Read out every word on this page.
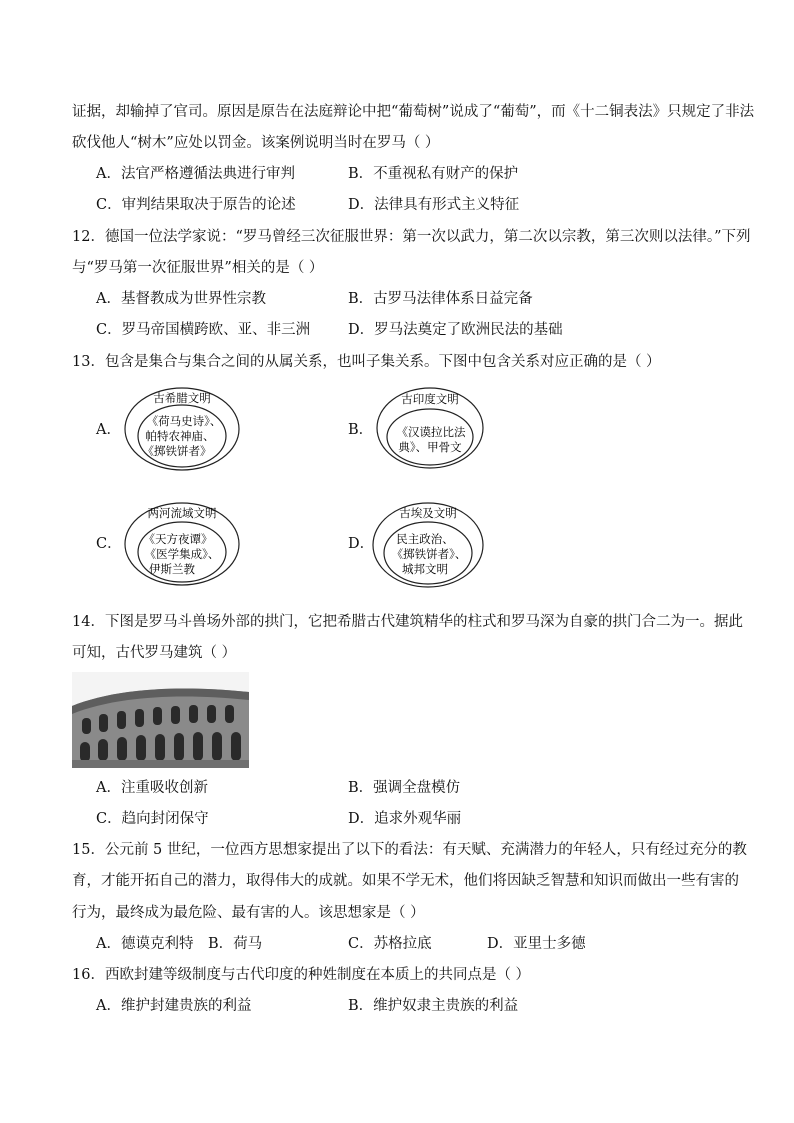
证据，却输掉了官司。原因是原告在法庭辩论中把“葡萄树”说成了“葡萄”，而《十二铜表法》只规定了非法
砍伐他人“树木”应处以罚金。该案例说明当时在罗马（ ）
A．法官严格遵循法典进行审判	B．不重视私有财产的保护
C．审判结果取决于原告的论述	D．法律具有形式主义特征
12．德国一位法学家说：“罗马曾经三次征服世界：第一次以武力，第二次以宗教，第三次则以法律。”下列
与“罗马第一次征服世界”相关的是（ ）
A．基督教成为世界性宗教	B．古罗马法律体系日益完备
C．罗马帝国横跨欧、亚、非三洲	D．罗马法奠定了欧洲民法的基础
13．包含是集合与集合之间的从属关系，也叫子集关系。下图中包含关系对应正确的是（ ）
A．
古希腊文明
《荷马史诗》、
帕特农神庙、
《掷铁饼者》
B．
古印度文明
《汉谟拉比法
典》、甲骨文
C．
两河流域文明
《天方夜谭》
《医学集成》、
伊斯兰教
D．
古埃及文明
民主政治、
《掷铁饼者》、
城邦文明
14．下图是罗马斗兽场外部的拱门，它把希腊古代建筑精华的柱式和罗马深为自豪的拱门合二为一。据此
可知，古代罗马建筑（ ）
A．注重吸收创新	B．强调全盘模仿
C．趋向封闭保守	D．追求外观华丽
15．公元前 5 世纪，一位西方思想家提出了以下的看法：有天赋、充满潜力的年轻人，只有经过充分的教
育，才能开拓自己的潜力，取得伟大的成就。如果不学无术，他们将因缺乏智慧和知识而做出一些有害的
行为，最终成为最危险、最有害的人。该思想家是（ ）
A．德谟克利特 B．荷马	C．苏格拉底	D．亚里士多德
16．西欧封建等级制度与古代印度的种姓制度在本质上的共同点是（ ）
A．维护封建贵族的利益	B．维护奴隶主贵族的利益
